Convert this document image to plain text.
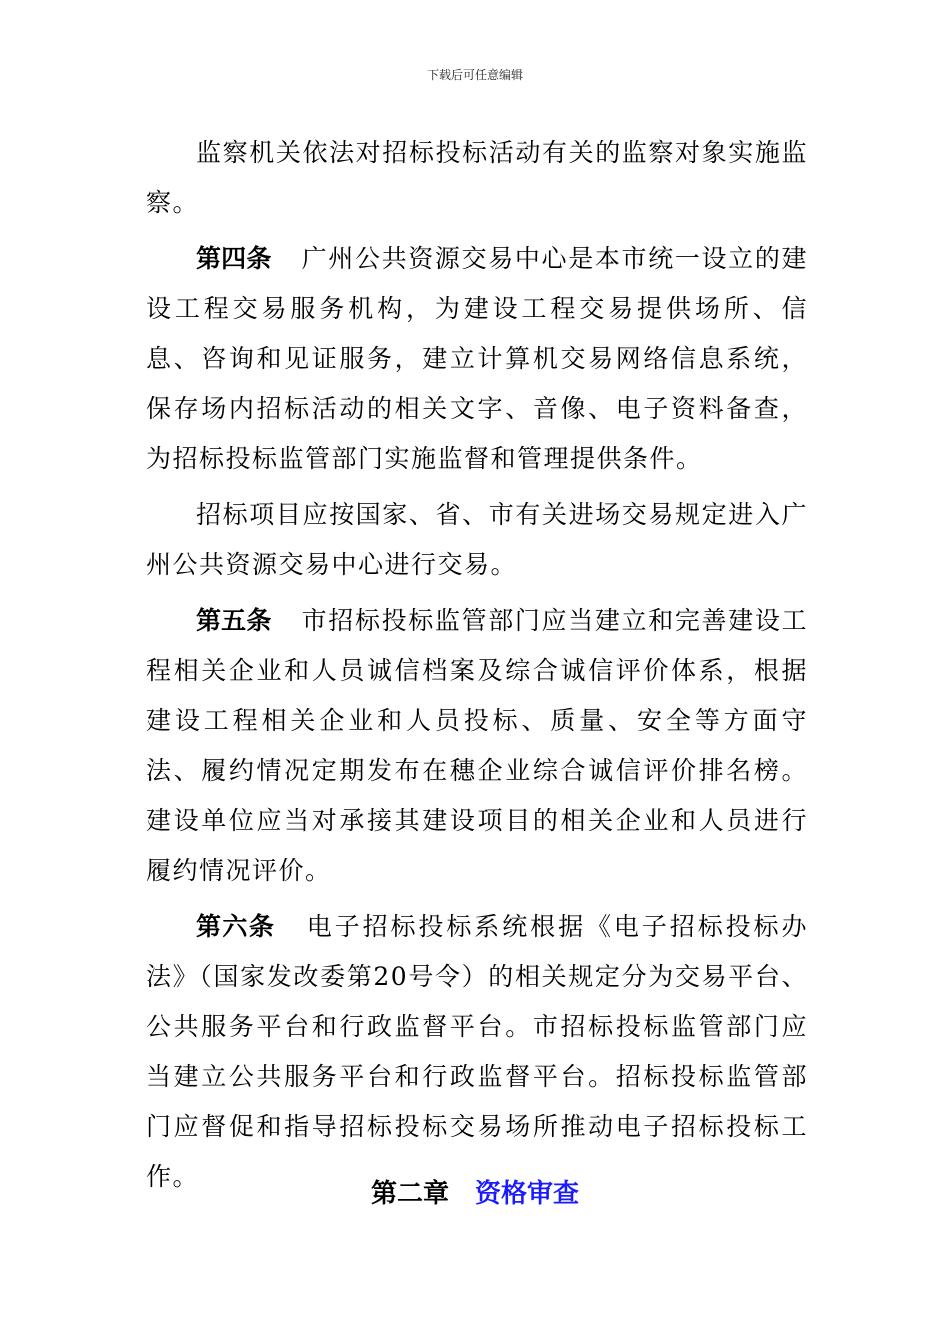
下载后可任意编辑

监察机关依法对招标投标活动有关的监察对象实施监察。

第四条 广州公共资源交易中心是本市统一设立的建设工程交易服务机构，为建设工程交易提供场所、信息、咨询和见证服务，建立计算机交易网络信息系统，保存场内招标活动的相关文字、音像、电子资料备查，为招标投标监管部门实施监督和管理提供条件。

招标项目应按国家、省、市有关进场交易规定进入广州公共资源交易中心进行交易。

第五条 市招标投标监管部门应当建立和完善建设工程相关企业和人员诚信档案及综合诚信评价体系，根据建设工程相关企业和人员投标、质量、安全等方面守法、履约情况定期发布在穗企业综合诚信评价排名榜。建设单位应当对承接其建设项目的相关企业和人员进行履约情况评价。

第六条 电子招标投标系统根据《电子招标投标办法》（国家发改委第20号令）的相关规定分为交易平台、公共服务平台和行政监督平台。市招标投标监管部门应当建立公共服务平台和行政监督平台。招标投标监管部门应督促和指导招标投标交易场所推动电子招标投标工作。

第二章 资格审查
